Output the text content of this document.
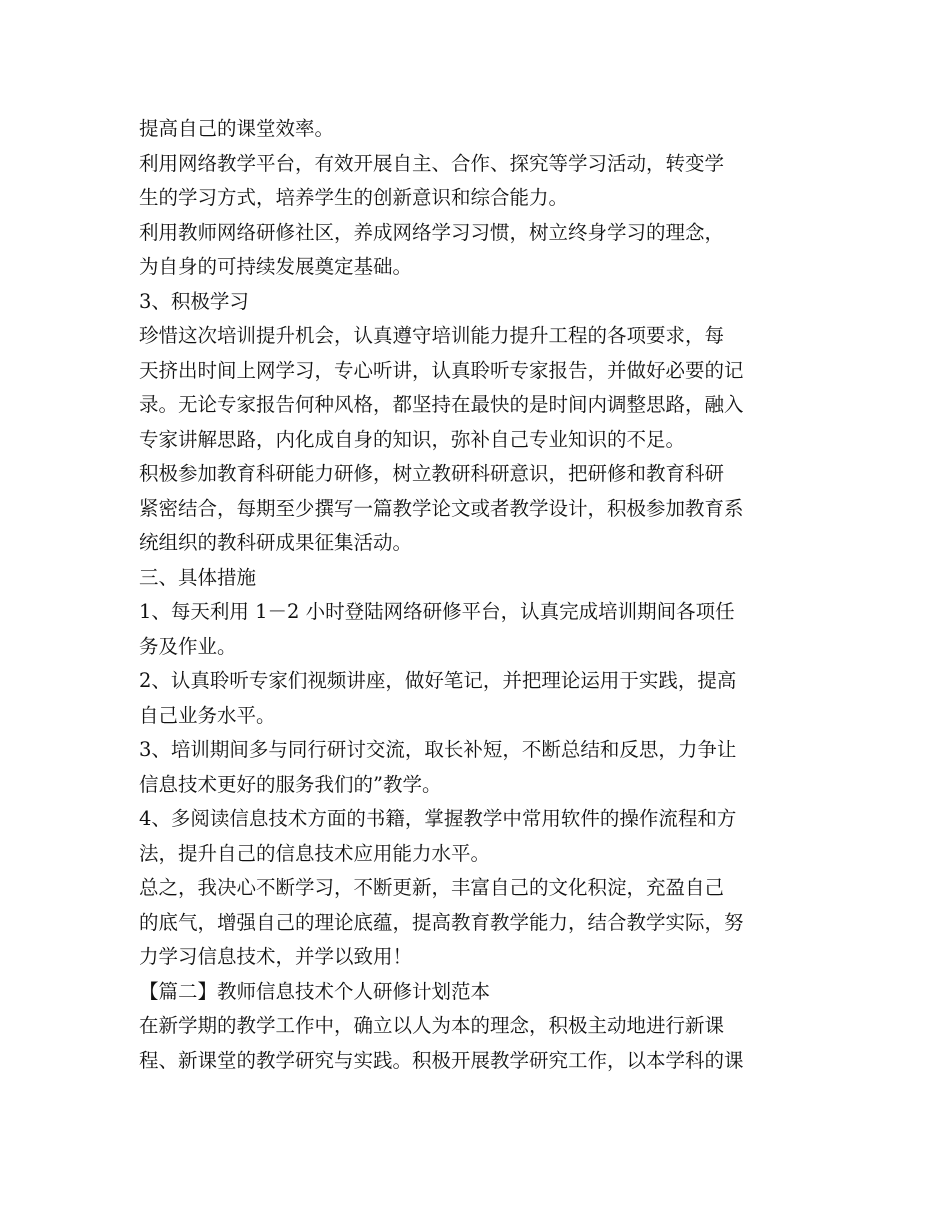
提高自己的课堂效率。
利用网络教学平台，有效开展自主、合作、探究等学习活动，转变学
生的学习方式，培养学生的创新意识和综合能力。
利用教师网络研修社区，养成网络学习习惯，树立终身学习的理念，
为自身的可持续发展奠定基础。
3、积极学习
珍惜这次培训提升机会，认真遵守培训能力提升工程的各项要求，每
天挤出时间上网学习，专心听讲，认真聆听专家报告，并做好必要的记
录。无论专家报告何种风格，都坚持在最快的是时间内调整思路，融入
专家讲解思路，内化成自身的知识，弥补自己专业知识的不足。
积极参加教育科研能力研修，树立教研科研意识，把研修和教育科研
紧密结合，每期至少撰写一篇教学论文或者教学设计，积极参加教育系
统组织的教科研成果征集活动。
三、具体措施
1、每天利用 1－2 小时登陆网络研修平台，认真完成培训期间各项任
务及作业。
2、认真聆听专家们视频讲座，做好笔记，并把理论运用于实践，提高
自己业务水平。
3、培训期间多与同行研讨交流，取长补短，不断总结和反思，力争让
信息技术更好的服务我们的”教学。
4、多阅读信息技术方面的书籍，掌握教学中常用软件的操作流程和方
法，提升自己的信息技术应用能力水平。
总之，我决心不断学习，不断更新，丰富自己的文化积淀，充盈自己
的底气，增强自己的理论底蕴，提高教育教学能力，结合教学实际，努
力学习信息技术，并学以致用！
【篇二】教师信息技术个人研修计划范本
在新学期的教学工作中，确立以人为本的理念，积极主动地进行新课
程、新课堂的教学研究与实践。积极开展教学研究工作，以本学科的课
